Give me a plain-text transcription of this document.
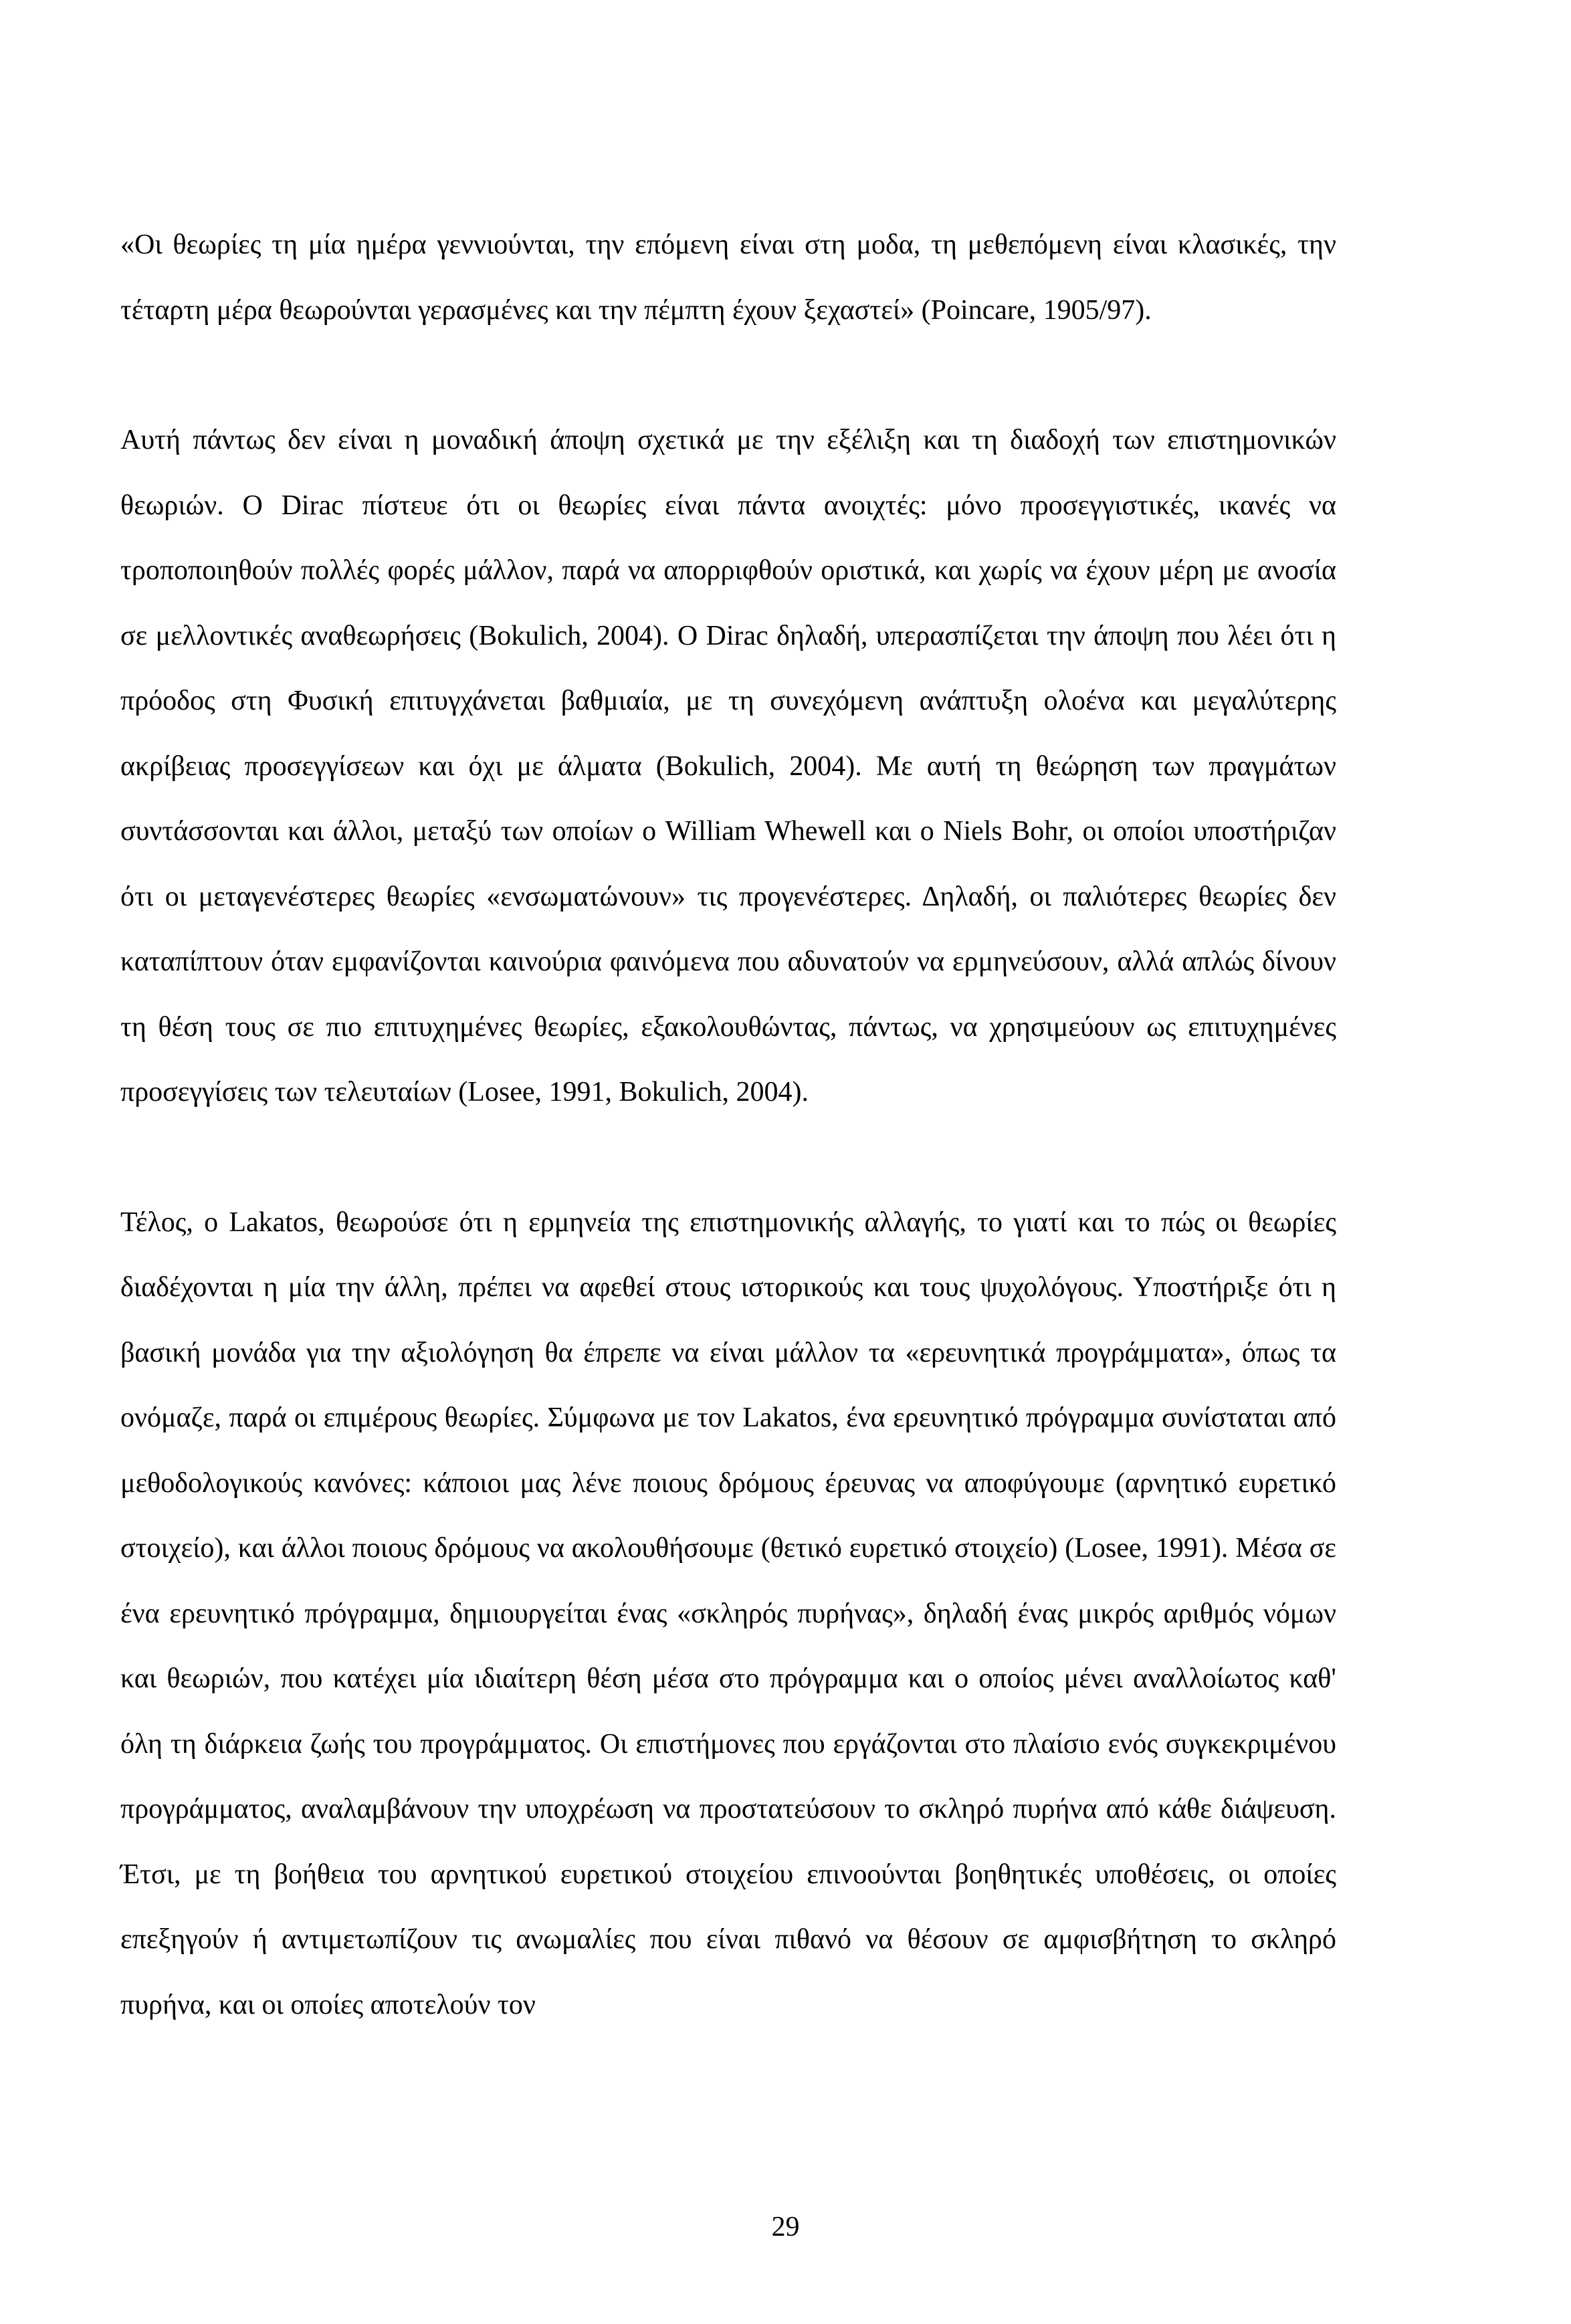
«Οι θεωρίες τη μία ημέρα γεννιούνται, την επόμενη είναι στη μοδα, τη μεθεπόμενη είναι κλασικές, την τέταρτη μέρα θεωρούνται γερασμένες και την πέμπτη έχουν ξεχαστεί» (Poincare, 1905/97).

Αυτή πάντως δεν είναι η μοναδική άποψη σχετικά με την εξέλιξη και τη διαδοχή των επιστημονικών θεωριών. Ο Dirac πίστευε ότι οι θεωρίες είναι πάντα ανοιχτές: μόνο προσεγγιστικές, ικανές να τροποποιηθούν πολλές φορές μάλλον, παρά να απορριφθούν οριστικά, και χωρίς να έχουν μέρη με ανοσία σε μελλοντικές αναθεωρήσεις (Bokulich, 2004). Ο Dirac δηλαδή, υπερασπίζεται την άποψη που λέει ότι η πρόοδος στη Φυσική επιτυγχάνεται βαθμιαία, με τη συνεχόμενη ανάπτυξη ολοένα και μεγαλύτερης ακρίβειας προσεγγίσεων και όχι με άλματα (Bokulich, 2004). Με αυτή τη θεώρηση των πραγμάτων συντάσσονται και άλλοι, μεταξύ των οποίων ο William Whewell και ο Niels Bohr, οι οποίοι υποστήριζαν ότι οι μεταγενέστερες θεωρίες «ενσωματώνουν» τις προγενέστερες. Δηλαδή, οι παλιότερες θεωρίες δεν καταπίπτουν όταν εμφανίζονται καινούρια φαινόμενα που αδυνατούν να ερμηνεύσουν, αλλά απλώς δίνουν τη θέση τους σε πιο επιτυχημένες θεωρίες, εξακολουθώντας, πάντως, να χρησιμεύουν ως επιτυχημένες προσεγγίσεις των τελευταίων (Losee, 1991, Bokulich, 2004).

Τέλος, ο Lakatos, θεωρούσε ότι η ερμηνεία της επιστημονικής αλλαγής, το γιατί και το πώς οι θεωρίες διαδέχονται η μία την άλλη, πρέπει να αφεθεί στους ιστορικούς και τους ψυχολόγους. Υποστήριξε ότι η βασική μονάδα για την αξιολόγηση θα έπρεπε να είναι μάλλον τα «ερευνητικά προγράμματα», όπως τα ονόμαζε, παρά οι επιμέρους θεωρίες. Σύμφωνα με τον Lakatos, ένα ερευνητικό πρόγραμμα συνίσταται από μεθοδολογικούς κανόνες: κάποιοι μας λένε ποιους δρόμους έρευνας να αποφύγουμε (αρνητικό ευρετικό στοιχείο), και άλλοι ποιους δρόμους να ακολουθήσουμε (θετικό ευρετικό στοιχείο) (Losee, 1991). Μέσα σε ένα ερευνητικό πρόγραμμα, δημιουργείται ένας «σκληρός πυρήνας», δηλαδή ένας μικρός αριθμός νόμων και θεωριών, που κατέχει μία ιδιαίτερη θέση μέσα στο πρόγραμμα και ο οποίος μένει αναλλοίωτος καθ' όλη τη διάρκεια ζωής του προγράμματος. Οι επιστήμονες που εργάζονται στο πλαίσιο ενός συγκεκριμένου προγράμματος, αναλαμβάνουν την υποχρέωση να προστατεύσουν το σκληρό πυρήνα από κάθε διάψευση. Έτσι, με τη βοήθεια του αρνητικού ευρετικού στοιχείου επινοούνται βοηθητικές υποθέσεις, οι οποίες επεξηγούν ή αντιμετωπίζουν τις ανωμαλίες που είναι πιθανό να θέσουν σε αμφισβήτηση το σκληρό πυρήνα, και οι οποίες αποτελούν τον

29
